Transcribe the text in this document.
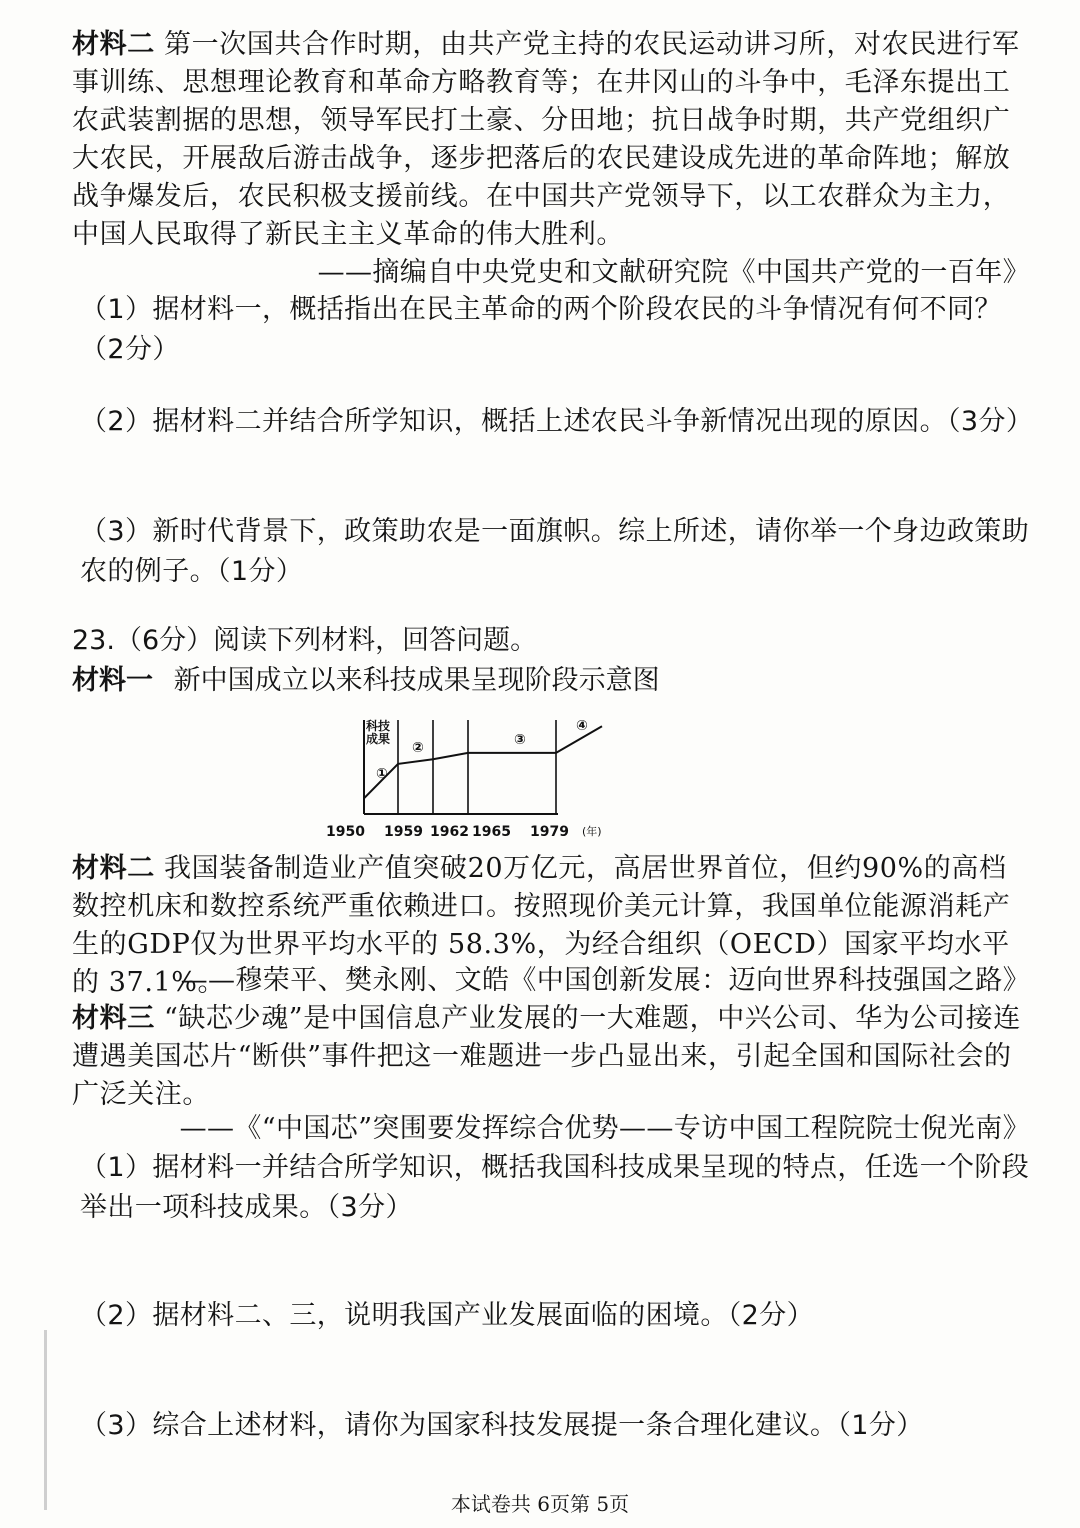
材料二 第一次国共合作时期，由共产党主持的农民运动讲习所，对农民进行军事训练、思想理论教育和革命方略教育等；在井冈山的斗争中，毛泽东提出工农武装割据的思想，领导军民打土豪、分田地；抗日战争时期，共产党组织广大农民，开展敌后游击战争，逐步把落后的农民建设成先进的革命阵地；解放战争爆发后，农民积极支援前线。在中国共产党领导下，以工农群众为主力，中国人民取得了新民主主义革命的伟大胜利。
——摘编自中央党史和文献研究院《中国共产党的一百年》
（1）据材料一，概括指出在民主革命的两个阶段农民的斗争情况有何不同？（2分）
（2）据材料二并结合所学知识，概括上述农民斗争新情况出现的原因。（3分）
（3）新时代背景下，政策助农是一面旗帜。综上所述，请你举一个身边政策助农的例子。（1分）
23.（6分）阅读下列材料，回答问题。
材料一 新中国成立以来科技成果呈现阶段示意图
科技成果
①
②	③
④
1950 1959 1962 1965 1979 (年)
材料二 我国装备制造业产值突破20万亿元，高居世界首位，但约90%的高档数控机床和数控系统严重依赖进口。按照现价美元计算，我国单位能源消耗产生的GDP仅为世界平均水平的 58.3%，为经合组织（OECD）国家平均水平的 37.1%。
——穆荣平、樊永刚、文皓《中国创新发展：迈向世界科技强国之路》
材料三 “缺芯少魂”是中国信息产业发展的一大难题，中兴公司、华为公司接连遭遇美国芯片“断供”事件把这一难题进一步凸显出来，引起全国和国际社会的广泛关注。
——《“中国芯”突围要发挥综合优势——专访中国工程院院士倪光南》
（1）据材料一并结合所学知识，概括我国科技成果呈现的特点，任选一个阶段举出一项科技成果。（3分）
（2）据材料二、三，说明我国产业发展面临的困境。（2分）
（3）综合上述材料，请你为国家科技发展提一条合理化建议。（1分）
本试卷共 6页第 5页
